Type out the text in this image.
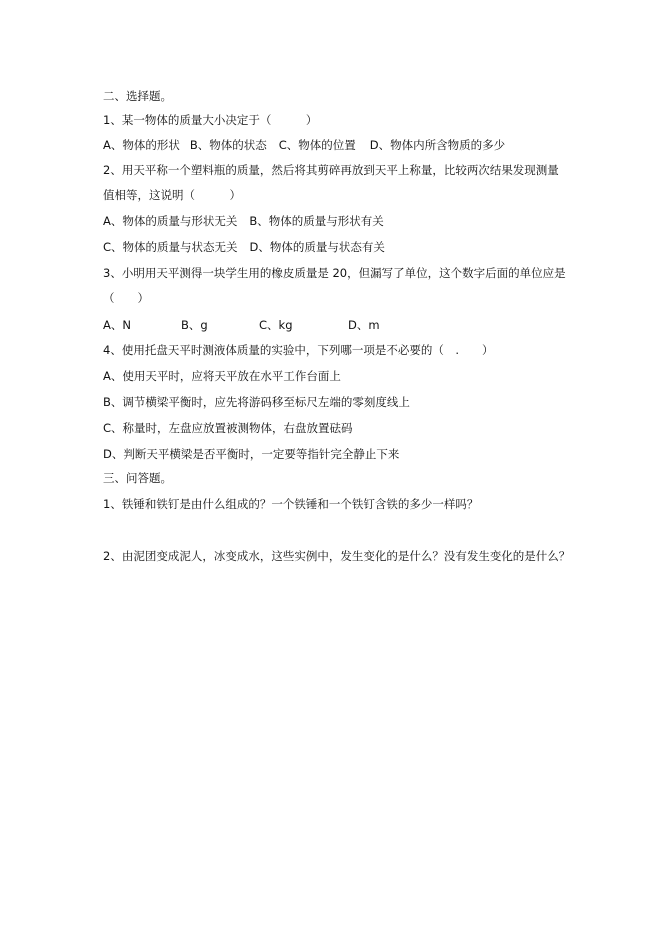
二、选择题。
1、某一物体的质量大小决定于（　　　）
A、物体的形状 B、物体的状态 C、物体的位置 D、物体内所含物质的多少
2、用天平称一个塑料瓶的质量，然后将其剪碎再放到天平上称量，比较两次结果发现测量
值相等，这说明（　　　）
A、物体的质量与形状无关 B、物体的质量与形状有关
C、物体的质量与状态无关 D、物体的质量与状态有关
3、小明用天平测得一块学生用的橡皮质量是 20，但漏写了单位，这个数字后面的单位应是
（　　）
A、N	B、g	C、kg	D、m
4、使用托盘天平时测液体质量的实验中，下列哪一项是不必要的（　.　　）
A、使用天平时，应将天平放在水平工作台面上
B、调节横梁平衡时，应先将游码移至标尺左端的零刻度线上
C、称量时，左盘应放置被测物体，右盘放置砝码
D、判断天平横梁是否平衡时，一定要等指针完全静止下来
三、问答题。
1、铁锤和铁钉是由什么组成的？一个铁锤和一个铁钉含铁的多少一样吗？
2、由泥团变成泥人，冰变成水，这些实例中，发生变化的是什么？没有发生变化的是什么？
